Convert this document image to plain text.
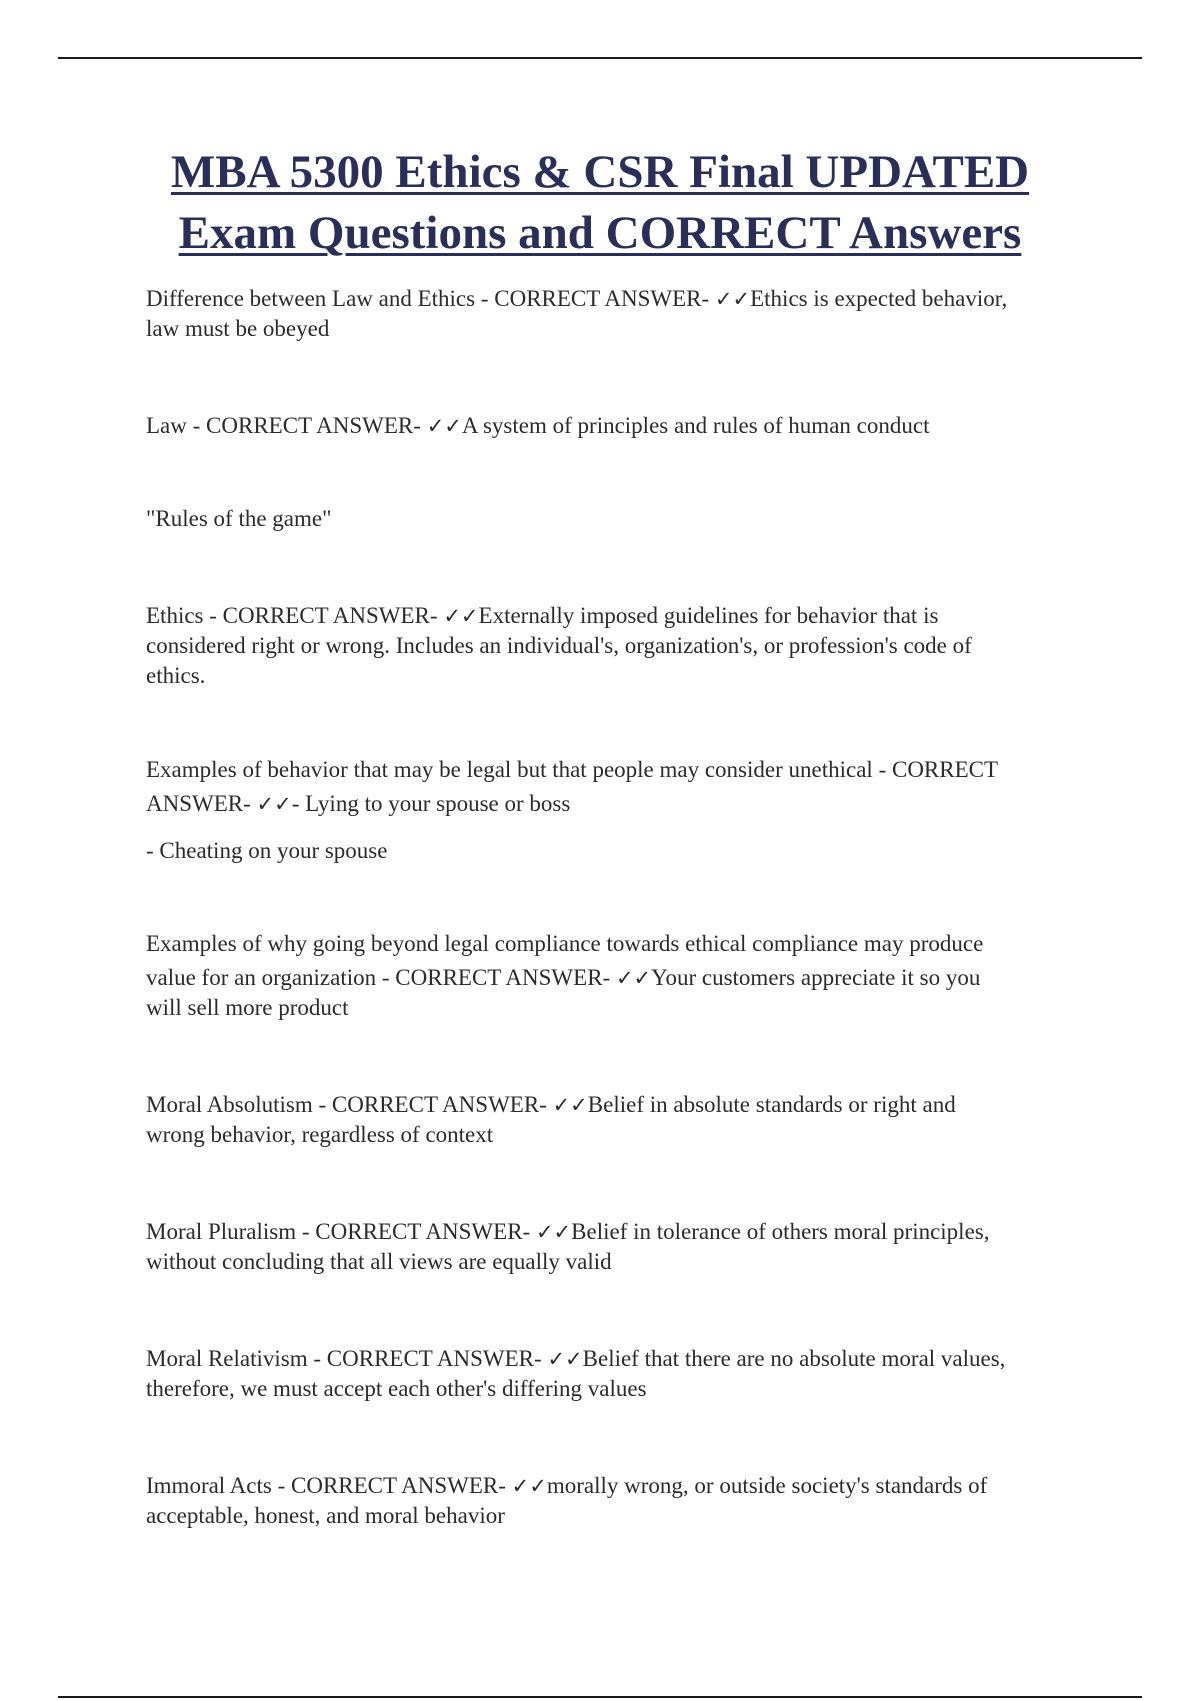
MBA 5300 Ethics & CSR Final UPDATED
Exam Questions and CORRECT Answers
Difference between Law and Ethics - CORRECT ANSWER- ✓✓Ethics is expected behavior,
law must be obeyed
Law - CORRECT ANSWER- ✓✓A system of principles and rules of human conduct
"Rules of the game"
Ethics - CORRECT ANSWER- ✓✓Externally imposed guidelines for behavior that is
considered right or wrong. Includes an individual's, organization's, or profession's code of
ethics.
Examples of behavior that may be legal but that people may consider unethical - CORRECT
ANSWER- ✓✓- Lying to your spouse or boss
- Cheating on your spouse
Examples of why going beyond legal compliance towards ethical compliance may produce
value for an organization - CORRECT ANSWER- ✓✓Your customers appreciate it so you
will sell more product
Moral Absolutism - CORRECT ANSWER- ✓✓Belief in absolute standards or right and
wrong behavior, regardless of context
Moral Pluralism - CORRECT ANSWER- ✓✓Belief in tolerance of others moral principles,
without concluding that all views are equally valid
Moral Relativism - CORRECT ANSWER- ✓✓Belief that there are no absolute moral values,
therefore, we must accept each other's differing values
Immoral Acts - CORRECT ANSWER- ✓✓morally wrong, or outside society's standards of
acceptable, honest, and moral behavior
